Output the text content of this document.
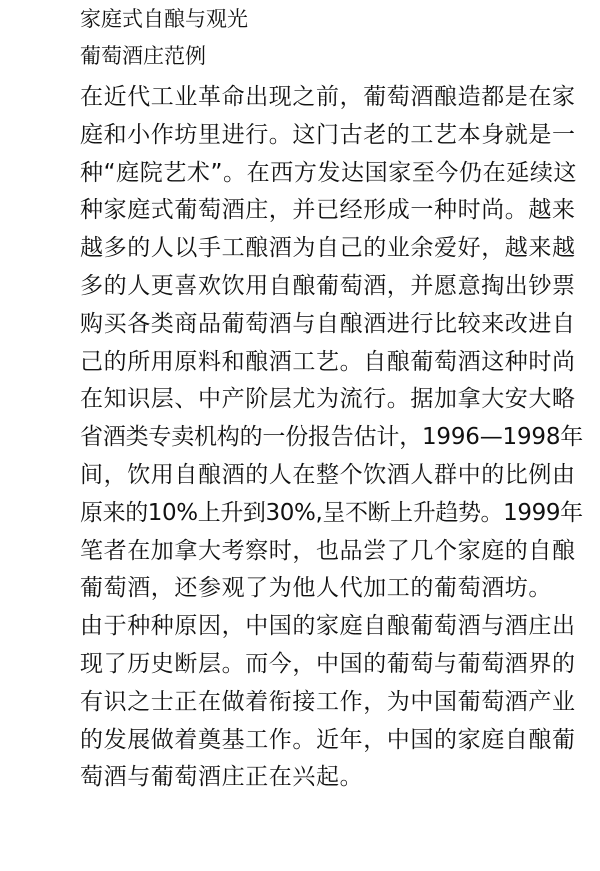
家庭式自酿与观光
葡萄酒庄范例

在近代工业革命出现之前，葡萄酒酿造都是在家
庭和小作坊里进行。这门古老的工艺本身就是一
种“庭院艺术”。在西方发达国家至今仍在延续这
种家庭式葡萄酒庄，并已经形成一种时尚。越来
越多的人以手工酿酒为自己的业余爱好，越来越
多的人更喜欢饮用自酿葡萄酒，并愿意掏出钞票
购买各类商品葡萄酒与自酿酒进行比较来改进自
己的所用原料和酿酒工艺。自酿葡萄酒这种时尚
在知识层、中产阶层尤为流行。据加拿大安大略
省酒类专卖机构的一份报告估计，1996—1998年
间，饮用自酿酒的人在整个饮酒人群中的比例由
原来的10%上升到30%,呈不断上升趋势。1999年
笔者在加拿大考察时，也品尝了几个家庭的自酿
葡萄酒，还参观了为他人代加工的葡萄酒坊。

由于种种原因，中国的家庭自酿葡萄酒与酒庄出
现了历史断层。而今，中国的葡萄与葡萄酒界的
有识之士正在做着衔接工作，为中国葡萄酒产业
的发展做着奠基工作。近年，中国的家庭自酿葡
萄酒与葡萄酒庄正在兴起。
